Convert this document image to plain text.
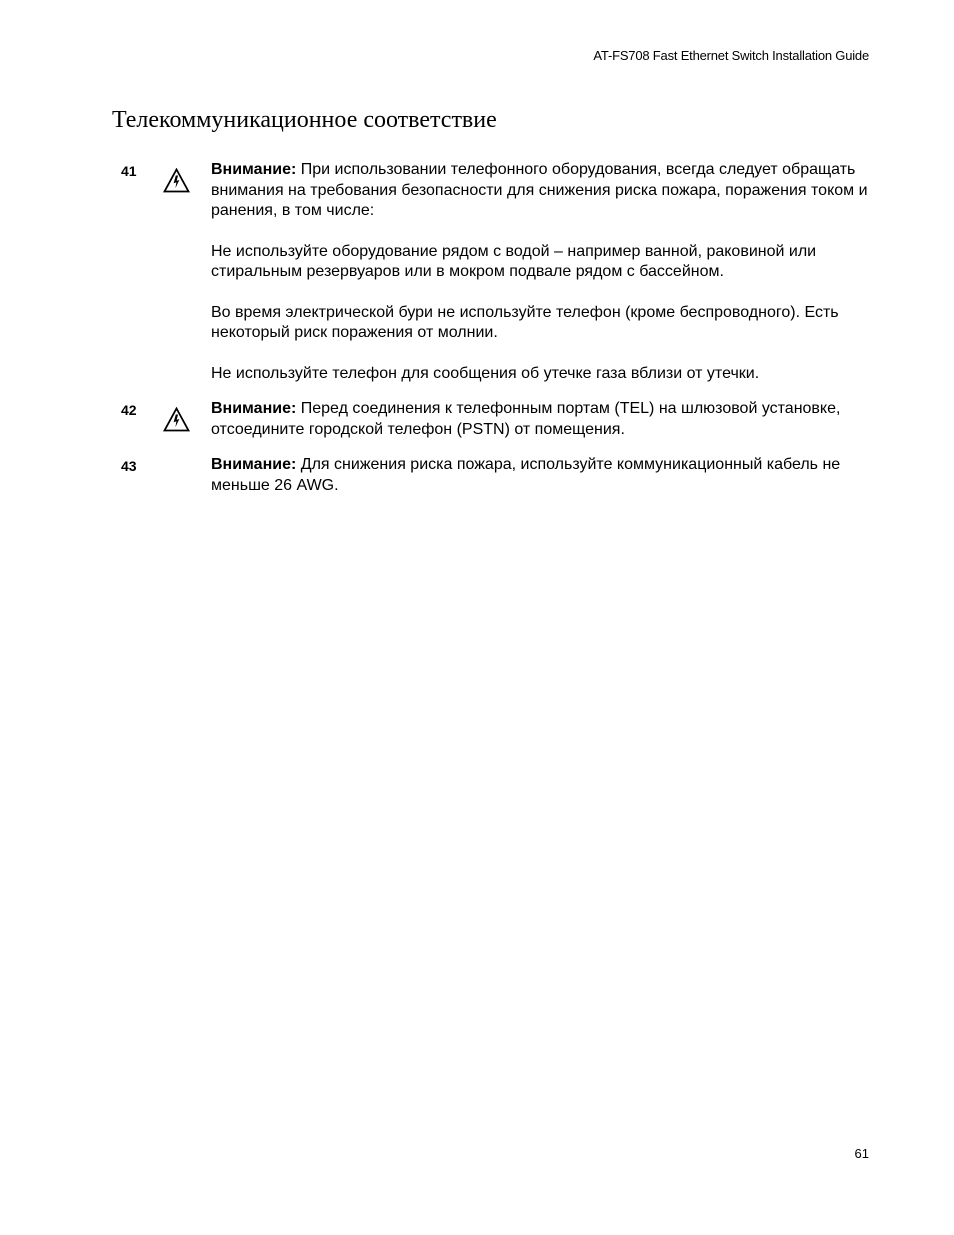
AT-FS708 Fast Ethernet Switch Installation Guide
Телекоммуникационное соответствие
41	Внимание: При использовании телефонного оборудования, всегда следует обращать внимания на требования безопасности для снижения риска пожара, поражения током и ранения, в том числе:

Не используйте оборудование рядом с водой – например ванной, раковиной или стиральным резервуаров или в мокром подвале рядом с бассейном.

Во время электрической бури не используйте телефон (кроме беспроводного). Есть некоторый риск поражения от молнии.

Не используйте телефон для сообщения об утечке газа вблизи от утечки.

42	Внимание: Перед соединения к телефонным портам (TEL) на шлюзовой установке, отсоедините городской телефон (PSTN) от помещения.

43	Внимание: Для снижения риска пожара, используйте коммуникационный кабель не меньше 26 AWG.

61
